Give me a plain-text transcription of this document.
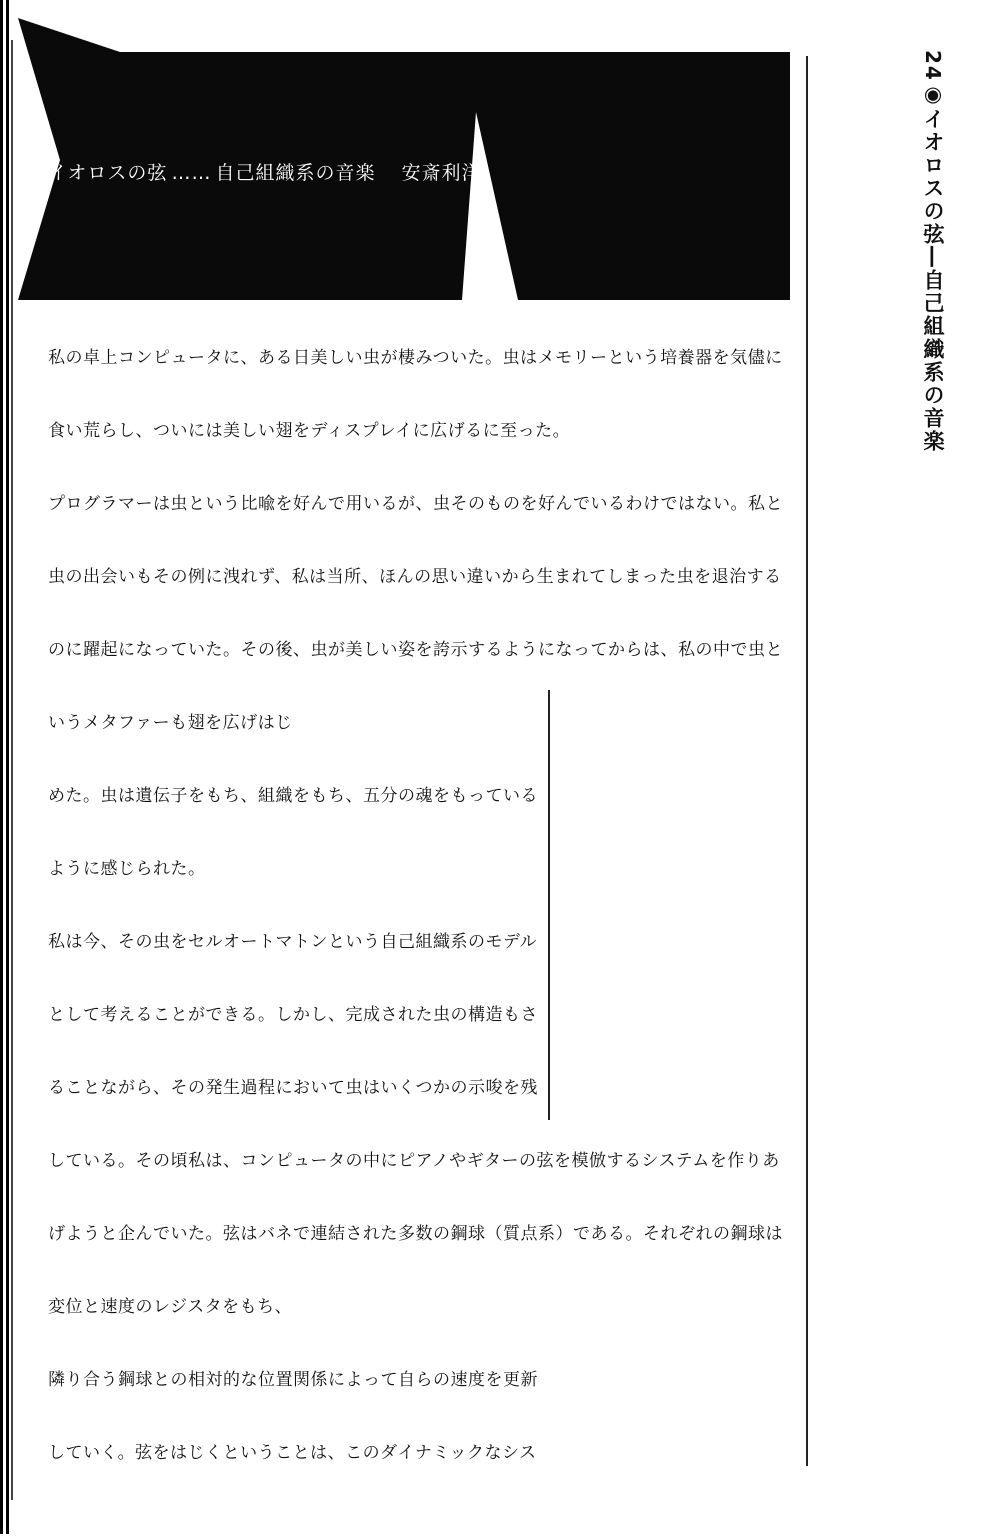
イオロスの弦 …… 自己組織系の音楽 安斎利洋
24◉イオロスの弦―自己組織系の音楽
私の卓上コンピュータに、ある日美しい虫が棲みついた。虫はメモリーという培養器を気儘に
食い荒らし、ついには美しい翅をディスプレイに広げるに至った。
プログラマーは虫という比喩を好んで用いるが、虫そのものを好んでいるわけではない。私と
虫の出会いもその例に洩れず、私は当所、ほんの思い違いから生まれてしまった虫を退治する
のに躍起になっていた。その後、虫が美しい姿を誇示するようになってからは、私の中で虫と
いうメタファーも翅を広げはじ
めた。虫は遺伝子をもち、組織をもち、五分の魂をもっている
ように感じられた。
私は今、その虫をセルオートマトンという自己組織系のモデル
として考えることができる。しかし、完成された虫の構造もさ
ることながら、その発生過程において虫はいくつかの示唆を残
している。その頃私は、コンピュータの中にピアノやギターの弦を模倣するシステムを作りあ
げようと企んでいた。弦はバネで連結された多数の鋼球（質点系）である。それぞれの鋼球は
変位と速度のレジスタをもち、
隣り合う鋼球との相対的な位置関係によって自らの速度を更新
していく。弦をはじくということは、このダイナミックなシス
